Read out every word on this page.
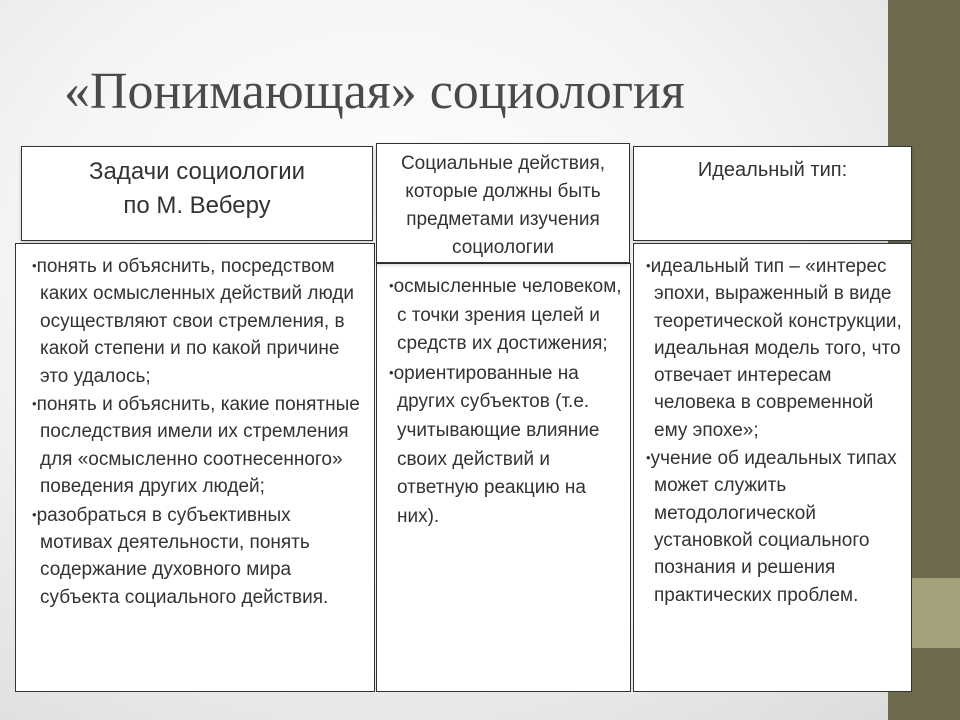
«Понимающая» социология
Задачи социологии
по М. Веберу
• понять и объяснить, посредством каких осмысленных действий люди осуществляют свои стремления, в какой степени и по какой причине это удалось;
• понять и объяснить, какие понятные последствия имели их стремления для «осмысленно соотнесенного» поведения других людей;
• разобраться в субъективных мотивах деятельности, понять содержание духовного мира субъекта социального действия.
• осмысленные человеком, с точки зрения целей и средств их достижения;
• ориентированные на других субъектов (т.е. учитывающие влияние своих действий и ответную реакцию на них).
Социальные действия,
которые должны быть
предметами изучения
социологии
Идеальный тип:
• идеальный тип – «интерес эпохи, выраженный в виде теоретической конструкции, идеальная модель того, что отвечает интересам человека в современной ему эпохе»;
• учение об идеальных типах может служить методологической установкой социального познания и решения практических проблем.
